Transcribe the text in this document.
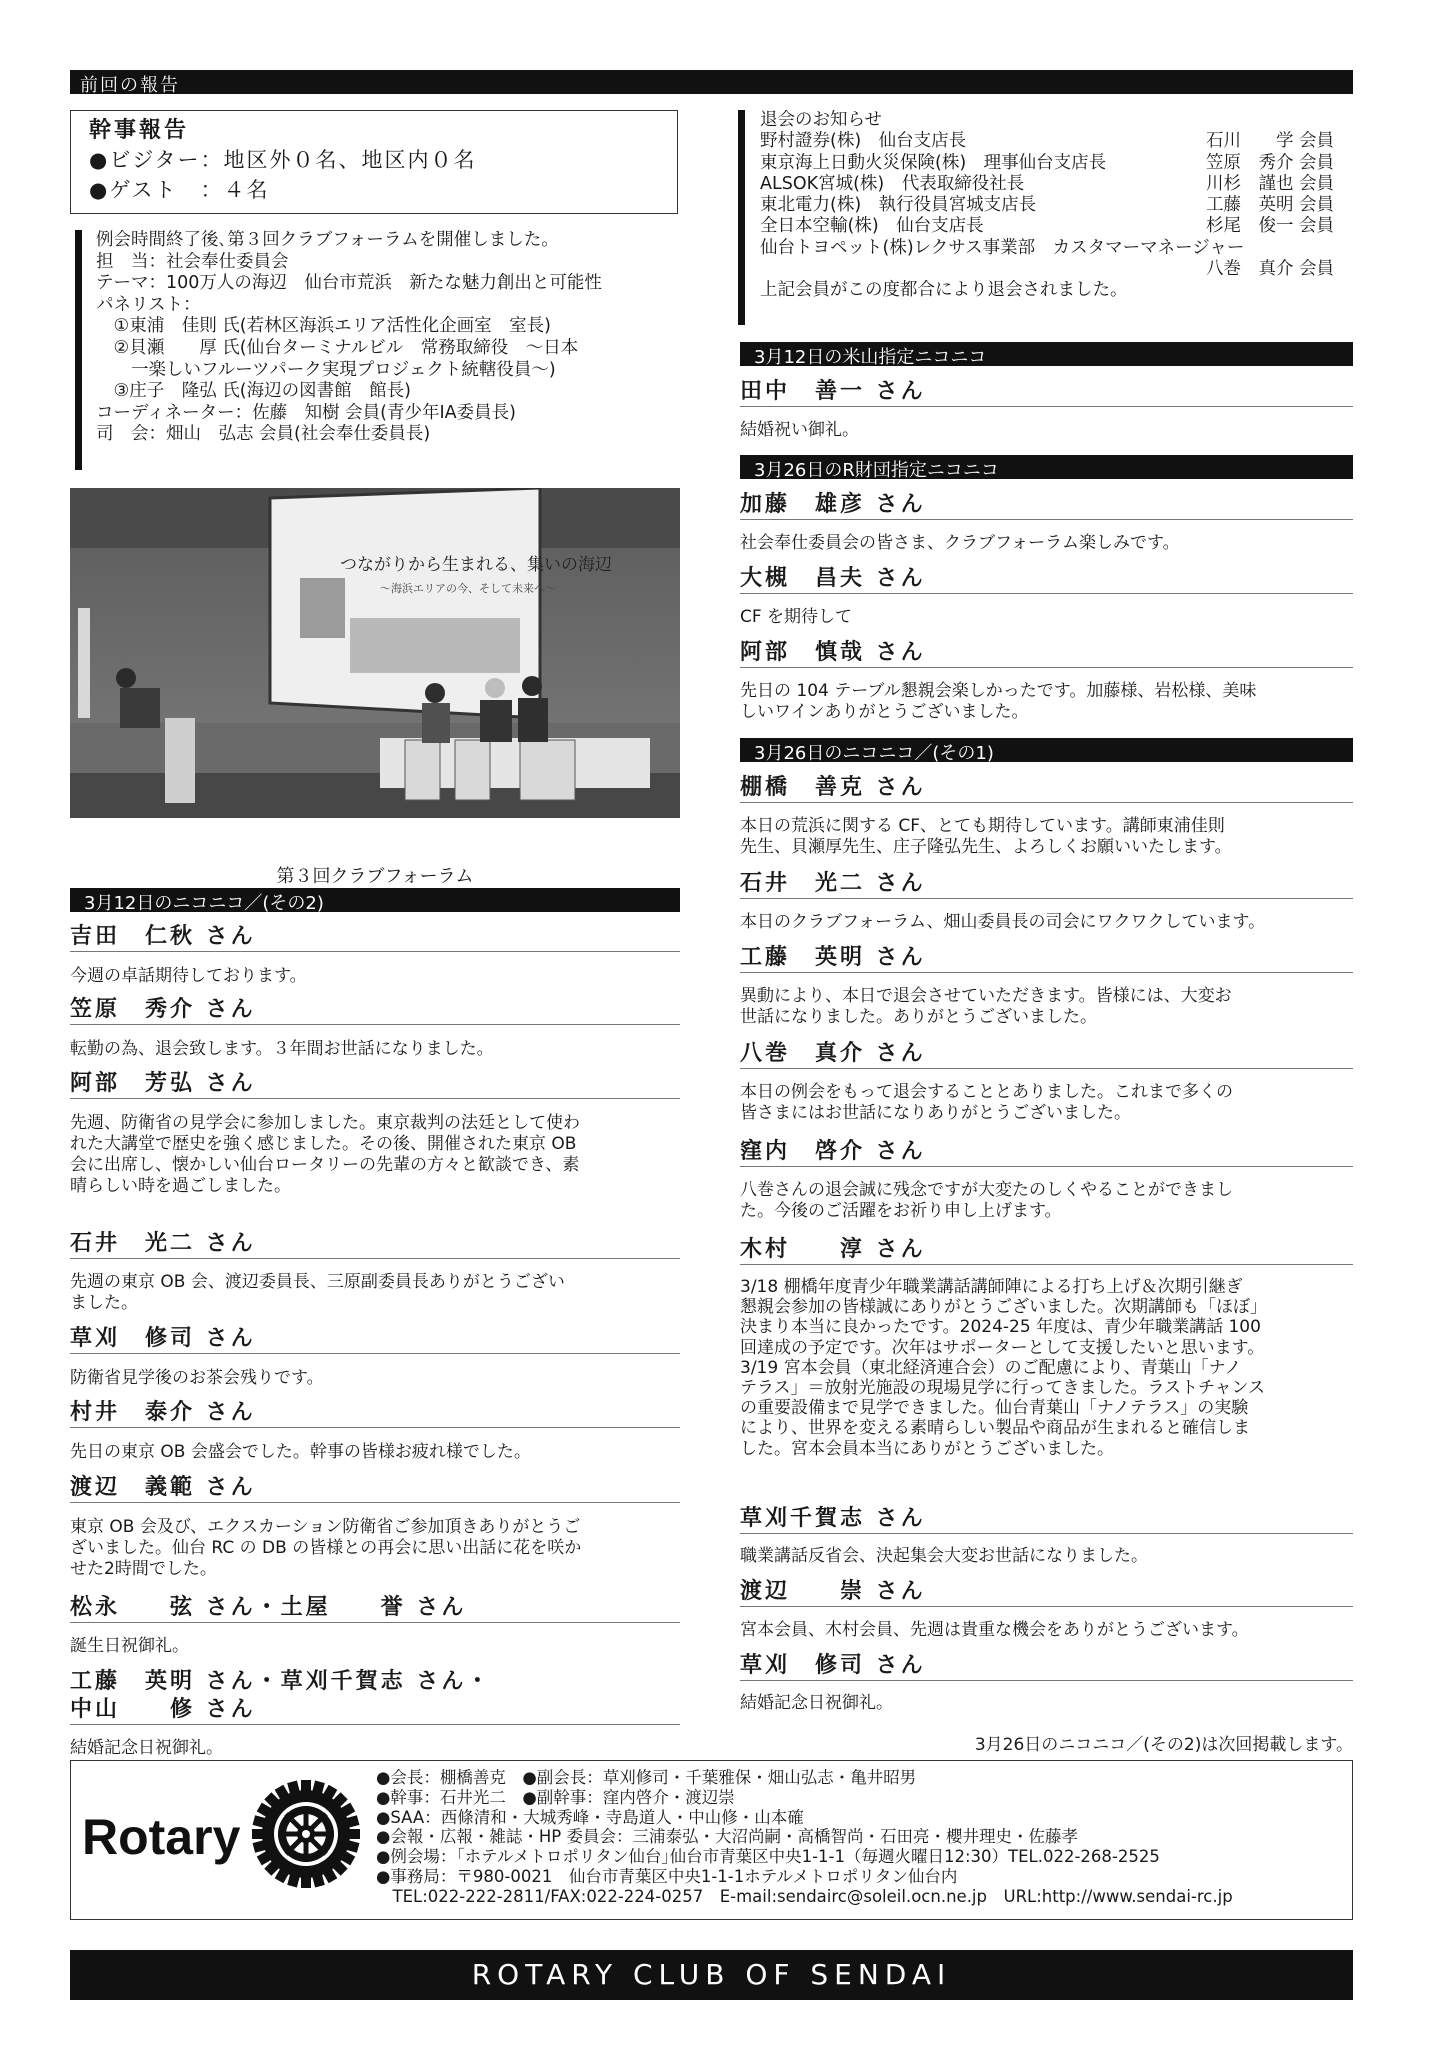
前回の報告
幹事報告
●ビジター：地区外０名、地区内０名
●ゲスト　：４名
例会時間終了後､第３回クラブフォーラムを開催しました。
担　当：社会奉仕委員会
テーマ：100万人の海辺　仙台市荒浜　新たな魅力創出と可能性
パネリスト：
　①東浦　佳則 氏(若林区海浜エリア活性化企画室　室長)
　②貝瀬　　厚 氏(仙台ターミナルビル　常務取締役　～日本
　　一楽しいフルーツパーク実現プロジェクト統轄役員～)
　③庄子　隆弘 氏(海辺の図書館　館長)
コーディネーター：佐藤　知樹 会員(青少年IA委員長)
司　会：畑山　弘志 会員(社会奉仕委員長)
つながりから生まれる、集いの海辺
～海浜エリアの今、そして未来へ～
第３回クラブフォーラム
3月12日のニコニコ／(その2)
吉田　仁秋 さん
今週の卓話期待しております。
笠原　秀介 さん
転勤の為、退会致します。３年間お世話になりました。
阿部　芳弘 さん
先週、防衛省の見学会に参加しました。東京裁判の法廷として使わ
れた大講堂で歴史を強く感じました。その後、開催された東京 OB
会に出席し、懐かしい仙台ロータリーの先輩の方々と歓談でき、素
晴らしい時を過ごしました。
石井　光二 さん
先週の東京 OB 会、渡辺委員長、三原副委員長ありがとうござい
ました。
草刈　修司 さん
防衛省見学後のお茶会残りです。
村井　泰介 さん
先日の東京 OB 会盛会でした。幹事の皆様お疲れ様でした。
渡辺　義範 さん
東京 OB 会及び、エクスカーション防衛省ご参加頂きありがとうご
ざいました。仙台 RC の DB の皆様との再会に思い出話に花を咲か
せた2時間でした。
松永　　弦 さん・土屋　　誉 さん
誕生日祝御礼。
工藤　英明 さん・草刈千賀志 さん・
中山　　修 さん
結婚記念日祝御礼。
退会のお知らせ
野村證券(株)　仙台支店長	石川　　学 会員
東京海上日動火災保険(株)　理事仙台支店長	笠原　秀介 会員
ALSOK宮城(株)　代表取締役社長	川杉　謹也 会員
東北電力(株)　執行役員宮城支店長	工藤　英明 会員
全日本空輸(株)　仙台支店長	杉尾　俊一 会員
仙台トヨペット(株)レクサス事業部　カスタマーマネージャー
八巻　真介 会員
上記会員がこの度都合により退会されました。
3月12日の米山指定ニコニコ
田中　善一 さん
結婚祝い御礼。
3月26日のR財団指定ニコニコ
加藤　雄彦 さん
社会奉仕委員会の皆さま、クラブフォーラム楽しみです。
大槻　昌夫 さん
CF を期待して
阿部　慎哉 さん
先日の 104 テーブル懇親会楽しかったです。加藤様、岩松様、美味
しいワインありがとうございました。
3月26日のニコニコ／(その1)
棚橋　善克 さん
本日の荒浜に関する CF、とても期待しています。講師東浦佳則
先生、貝瀬厚先生、庄子隆弘先生、よろしくお願いいたします。
石井　光二 さん
本日のクラブフォーラム、畑山委員長の司会にワクワクしています。
工藤　英明 さん
異動により、本日で退会させていただきます。皆様には、大変お
世話になりました。ありがとうございました。
八巻　真介 さん
本日の例会をもって退会することとありました。これまで多くの
皆さまにはお世話になりありがとうございました。
窪内　啓介 さん
八巻さんの退会誠に残念ですが大変たのしくやることができまし
た。今後のご活躍をお祈り申し上げます。
木村　　淳 さん
3/18 棚橋年度青少年職業講話講師陣による打ち上げ＆次期引継ぎ
懇親会参加の皆様誠にありがとうございました。次期講師も「ほぼ」
決まり本当に良かったです。2024-25 年度は、青少年職業講話 100
回達成の予定です。次年はサポーターとして支援したいと思います。
3/19 宮本会員（東北経済連合会）のご配慮により、青葉山「ナノ
テラス」＝放射光施設の現場見学に行ってきました。ラストチャンス
の重要設備まで見学できました。仙台青葉山「ナノテラス」の実験
により、世界を変える素晴らしい製品や商品が生まれると確信しま
した。宮本会員本当にありがとうございました。
草刈千賀志 さん
職業講話反省会、決起集会大変お世話になりました。
渡辺　　崇 さん
宮本会員、木村会員、先週は貴重な機会をありがとうございます。
草刈　修司 さん
結婚記念日祝御礼。
3月26日のニコニコ／(その2)は次回掲載します。
Rotary
●会長：棚橋善克　●副会長：草刈修司・千葉雅保・畑山弘志・亀井昭男
●幹事：石井光二　●副幹事：窪内啓介・渡辺崇
●SAA：西條清和・大城秀峰・寺島道人・中山修・山本確
●会報・広報・雑誌・HP 委員会：三浦泰弘・大沼尚嗣・高橋智尚・石田亮・櫻井理史・佐藤孝
●例会場：｢ホテルメトロポリタン仙台｣仙台市青葉区中央1-1-1（毎週火曜日12:30）TEL.022-268-2525
●事務局：〒980-0021　仙台市青葉区中央1-1-1ホテルメトロポリタン仙台内
　TEL:022-222-2811/FAX:022-224-0257　E-mail:sendairc@soleil.ocn.ne.jp　URL:http://www.sendai-rc.jp
ROTARY CLUB OF SENDAI
